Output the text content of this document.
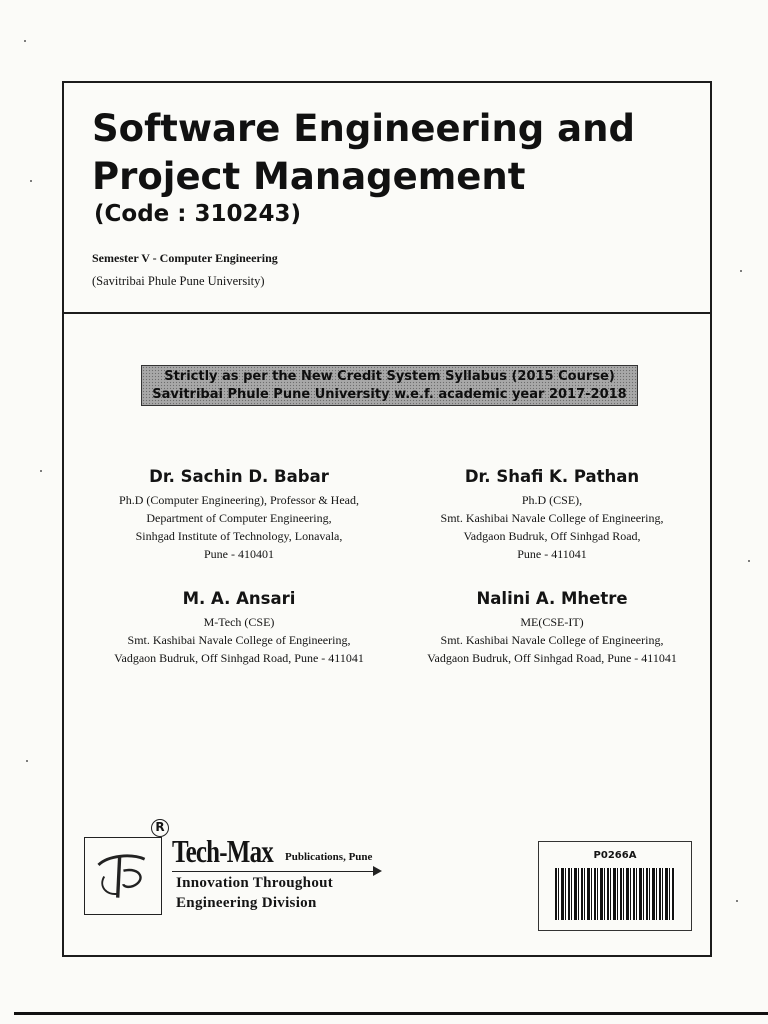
Software Engineering and
Project Management
(Code : 310243)
Semester V - Computer Engineering
(Savitribai Phule Pune University)
Strictly as per the New Credit System Syllabus (2015 Course)
Savitribai Phule Pune University w.e.f. academic year 2017-2018
Dr. Sachin D. Babar
Ph.D (Computer Engineering), Professor & Head,
Department of Computer Engineering,
Sinhgad Institute of Technology, Lonavala,
Pune - 410401
Dr. Shafi K. Pathan
Ph.D (CSE),
Smt. Kashibai Navale College of Engineering,
Vadgaon Budruk, Off Sinhgad Road,
Pune - 411041
M. A. Ansari
M-Tech (CSE)
Smt. Kashibai Navale College of Engineering,
Vadgaon Budruk, Off Sinhgad Road, Pune - 411041
Nalini A. Mhetre
ME(CSE-IT)
Smt. Kashibai Navale College of Engineering,
Vadgaon Budruk, Off Sinhgad Road, Pune - 411041
R
Tech-Max Publications, Pune
Innovation Throughout
Engineering Division
P0266A
